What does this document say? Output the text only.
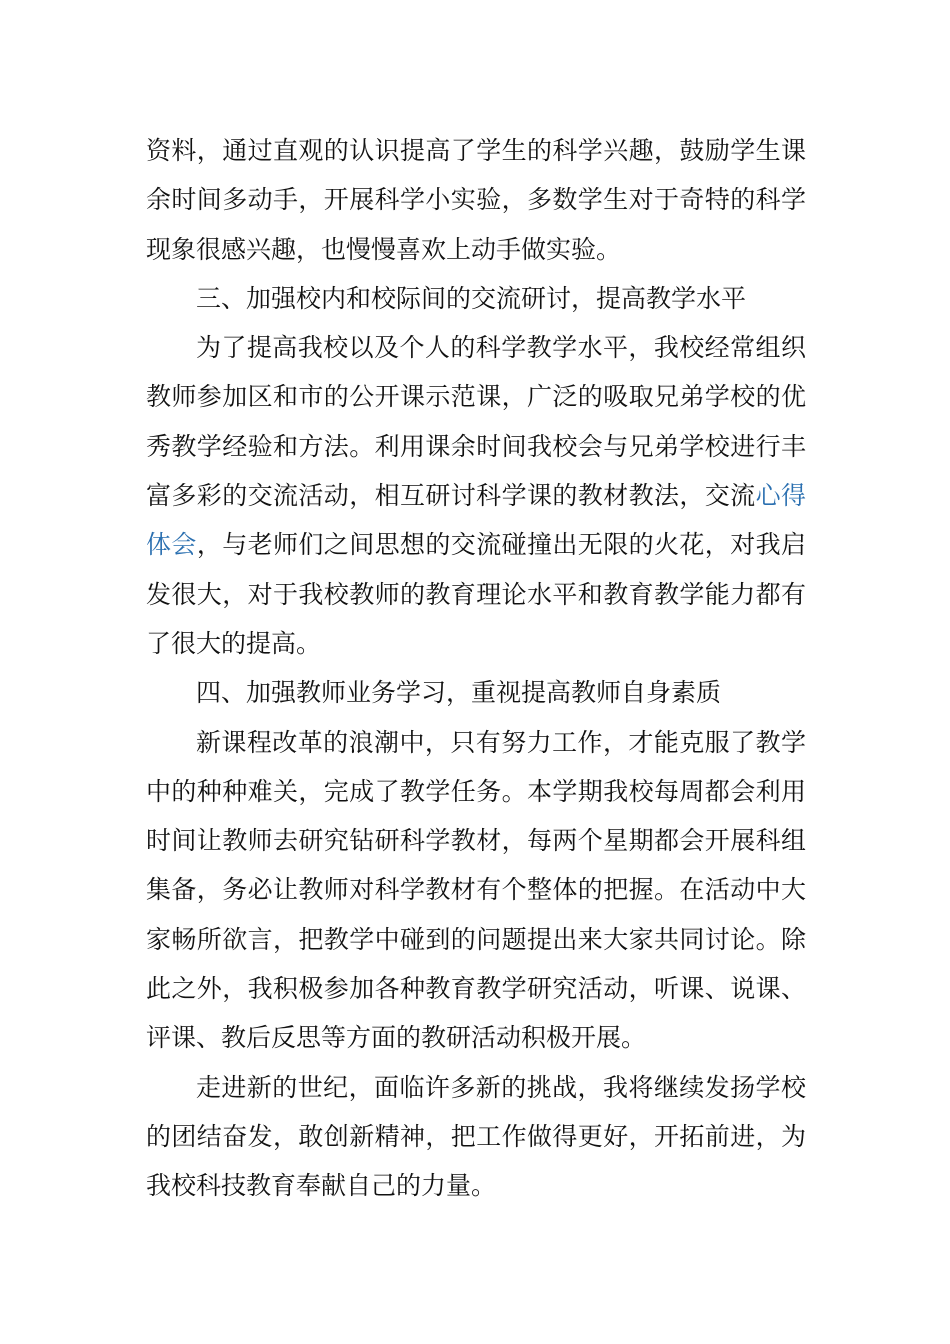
资料，通过直观的认识提高了学生的科学兴趣，鼓励学生课余时间多动手，开展科学小实验，多数学生对于奇特的科学现象很感兴趣，也慢慢喜欢上动手做实验。

三、加强校内和校际间的交流研讨，提高教学水平

为了提高我校以及个人的科学教学水平，我校经常组织教师参加区和市的公开课示范课，广泛的吸取兄弟学校的优秀教学经验和方法。利用课余时间我校会与兄弟学校进行丰富多彩的交流活动，相互研讨科学课的教材教法，交流心得体会，与老师们之间思想的交流碰撞出无限的火花，对我启发很大，对于我校教师的教育理论水平和教育教学能力都有了很大的提高。

四、加强教师业务学习，重视提高教师自身素质

新课程改革的浪潮中，只有努力工作，才能克服了教学中的种种难关，完成了教学任务。本学期我校每周都会利用时间让教师去研究钻研科学教材，每两个星期都会开展科组集备，务必让教师对科学教材有个整体的把握。在活动中大家畅所欲言，把教学中碰到的问题提出来大家共同讨论。除此之外，我积极参加各种教育教学研究活动，听课、说课、评课、教后反思等方面的教研活动积极开展。

走进新的世纪，面临许多新的挑战，我将继续发扬学校的团结奋发，敢创新精神，把工作做得更好，开拓前进，为我校科技教育奉献自己的力量。
